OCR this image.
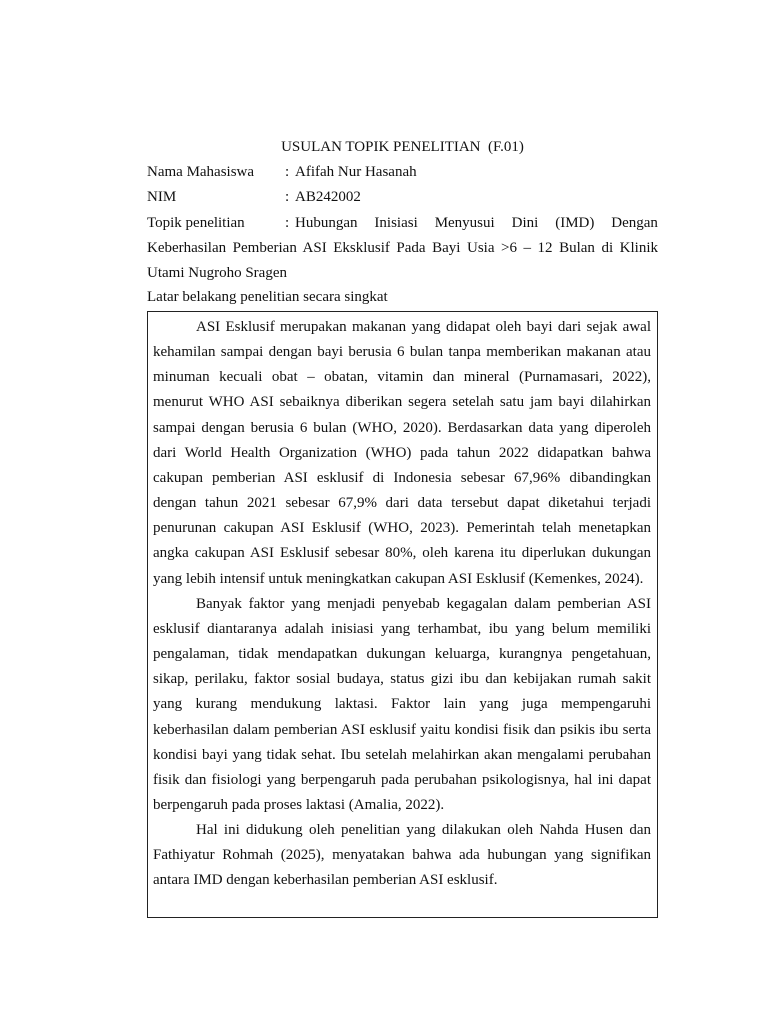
USULAN TOPIK PENELITIAN  (F.01)
Nama Mahasiswa : Afifah Nur Hasanah
NIM	: AB242002
Topik penelitian	: Hubungan Inisiasi Menyusui Dini (IMD) Dengan
Keberhasilan Pemberian ASI Eksklusif Pada Bayi Usia >6 – 12 Bulan di Klinik
Utami Nugroho Sragen
Latar belakang penelitian secara singkat

ASI Esklusif merupakan makanan yang didapat oleh bayi dari sejak awal kehamilan sampai dengan bayi berusia 6 bulan tanpa memberikan makanan atau minuman kecuali obat – obatan, vitamin dan mineral (Purnamasari, 2022), menurut WHO ASI sebaiknya diberikan segera setelah satu jam bayi dilahirkan sampai dengan berusia 6 bulan (WHO, 2020). Berdasarkan data yang diperoleh dari World Health Organization (WHO) pada tahun 2022 didapatkan bahwa cakupan pemberian ASI esklusif di Indonesia sebesar 67,96% dibandingkan dengan tahun 2021 sebesar 67,9% dari data tersebut dapat diketahui terjadi penurunan cakupan ASI Esklusif (WHO, 2023). Pemerintah telah menetapkan angka cakupan ASI Esklusif sebesar 80%, oleh karena itu diperlukan dukungan yang lebih intensif untuk meningkatkan cakupan ASI Esklusif (Kemenkes, 2024).

Banyak faktor yang menjadi penyebab kegagalan dalam pemberian ASI esklusif diantaranya adalah inisiasi yang terhambat, ibu yang belum memiliki pengalaman, tidak mendapatkan dukungan keluarga, kurangnya pengetahuan, sikap, perilaku, faktor sosial budaya, status gizi ibu dan kebijakan rumah sakit yang kurang mendukung laktasi. Faktor lain yang juga mempengaruhi keberhasilan dalam pemberian ASI esklusif yaitu kondisi fisik dan psikis ibu serta kondisi bayi yang tidak sehat. Ibu setelah melahirkan akan mengalami perubahan fisik dan fisiologi yang berpengaruh pada perubahan psikologisnya, hal ini dapat berpengaruh pada proses laktasi (Amalia, 2022).

Hal ini didukung oleh penelitian yang dilakukan oleh Nahda Husen dan Fathiyatur Rohmah (2025), menyatakan bahwa ada hubungan yang signifikan antara IMD dengan keberhasilan pemberian ASI esklusif.
